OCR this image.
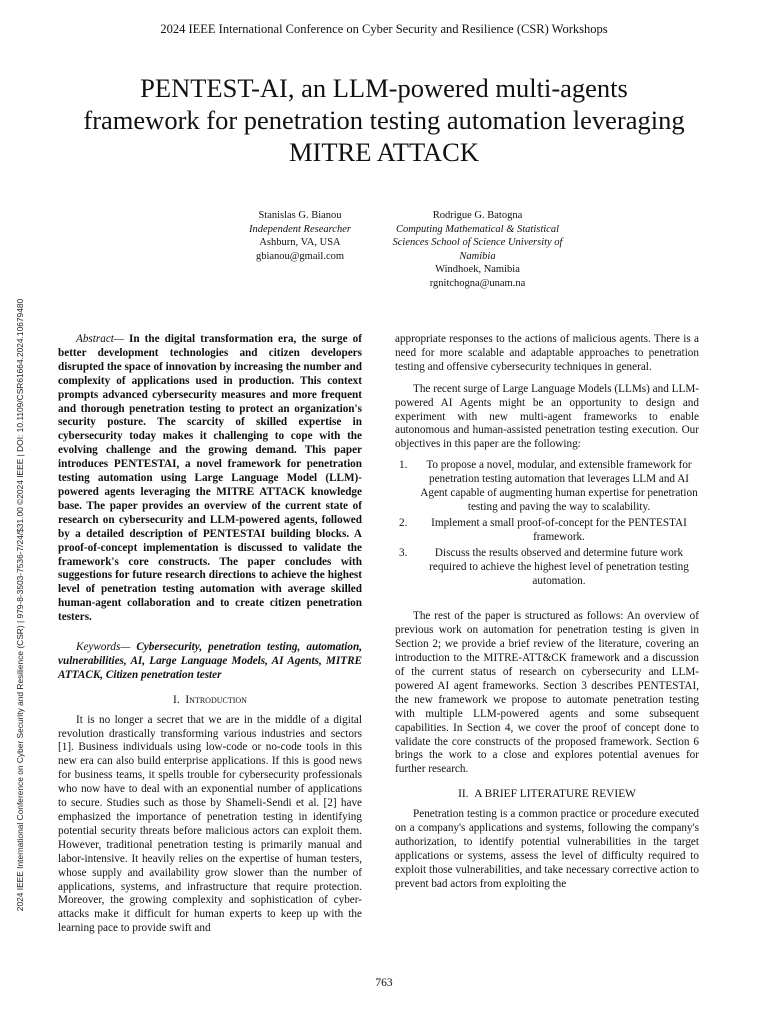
2024 IEEE International Conference on Cyber Security and Resilience (CSR) Workshops
PENTEST-AI, an LLM-powered multi-agents framework for penetration testing automation leveraging MITRE ATTACK
Stanislas G. Bianou
Independent Researcher
Ashburn, VA, USA
gbianou@gmail.com
Rodrigue G. Batogna
Computing Mathematical & Statistical Sciences School of Science University of Namibia
Windhoek, Namibia
rgnitchogna@unam.na
2024 IEEE International Conference on Cyber Security and Resilience (CSR) | 979-8-3503-7536-7/24/$31.00 ©2024 IEEE | DOI: 10.1109/CSR61664.2024.10679480	Abstract— In the digital transformation era, the surge of better development technologies and citizen developers disrupted the space of innovation by increasing the number and complexity of applications used in production. This context prompts advanced cybersecurity measures and more frequent and thorough penetration testing to protect an organization's security posture. The scarcity of skilled expertise in cybersecurity today makes it challenging to cope with the evolving challenge and the growing demand. This paper introduces PENTESTAI, a novel framework for penetration testing automation using Large Language Model (LLM)-powered agents leveraging the MITRE ATTACK knowledge base. The paper provides an overview of the current state of research on cybersecurity and LLM-powered agents, followed by a detailed description of PENTESTAI building blocks. A proof-of-concept implementation is discussed to validate the framework's core constructs. The paper concludes with suggestions for future research directions to achieve the highest level of penetration testing automation with average skilled human-agent collaboration and to create citizen penetration testers.

Keywords— Cybersecurity, penetration testing, automation, vulnerabilities, AI, Large Language Models, AI Agents, MITRE ATTACK, Citizen penetration tester

I. Introduction

It is no longer a secret that we are in the middle of a digital revolution drastically transforming various industries and sectors [1]. Business individuals using low-code or no-code tools in this new era can also build enterprise applications. If this is good news for business teams, it spells trouble for cybersecurity professionals who now have to deal with an exponential number of applications to secure. Studies such as those by Shameli-Sendi et al. [2] have emphasized the importance of penetration testing in identifying potential security threats before malicious actors can exploit them. However, traditional penetration testing is primarily manual and labor-intensive. It heavily relies on the expertise of human testers, whose supply and availability grow slower than the number of applications, systems, and infrastructure that require protection. Moreover, the growing complexity and sophistication of cyber-attacks make it difficult for human experts to keep up with the learning pace to provide swift and

appropriate responses to the actions of malicious agents. There is a need for more scalable and adaptable approaches to penetration testing and offensive cybersecurity techniques in general.

The recent surge of Large Language Models (LLMs) and LLM-powered AI Agents might be an opportunity to design and experiment with new multi-agent frameworks to enable autonomous and human-assisted penetration testing execution. Our objectives in this paper are the following:

1. To propose a novel, modular, and extensible framework for penetration testing automation that leverages LLM and AI Agent capable of augmenting human expertise for penetration testing and paving the way to scalability.
2. Implement a small proof-of-concept for the PENTESTAI framework.
3. Discuss the results observed and determine future work required to achieve the highest level of penetration testing automation.

The rest of the paper is structured as follows: An overview of previous work on automation for penetration testing is given in Section 2; we provide a brief review of the literature, covering an introduction to the MITRE-ATT&CK framework and a discussion of the current status of research on cybersecurity and LLM-powered AI agent frameworks. Section 3 describes PENTESTAI, the new framework we propose to automate penetration testing with multiple LLM-powered agents and some subsequent capabilities. In Section 4, we cover the proof of concept done to validate the core constructs of the proposed framework. Section 6 brings the work to a close and explores potential avenues for further research.

II. A BRIEF LITERATURE REVIEW

Penetration testing is a common practice or procedure executed on a company's applications and systems, following the company's authorization, to identify potential vulnerabilities in the target applications or systems, assess the level of difficulty required to exploit those vulnerabilities, and take necessary corrective action to prevent bad actors from exploiting the

763
